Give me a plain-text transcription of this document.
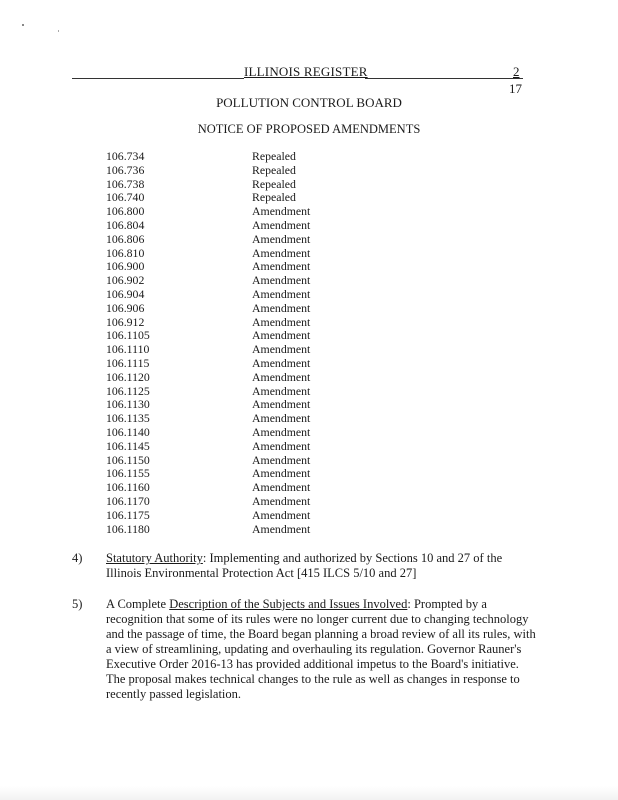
ILLINOIS REGISTER	2
17
POLLUTION CONTROL BOARD
NOTICE OF PROPOSED AMENDMENTS
106.734	Repealed
106.736	Repealed
106.738	Repealed
106.740	Repealed
106.800	Amendment
106.804	Amendment
106.806	Amendment
106.810	Amendment
106.900	Amendment
106.902	Amendment
106.904	Amendment
106.906	Amendment
106.912	Amendment
106.1105	Amendment
106.1110	Amendment
106.1115	Amendment
106.1120	Amendment
106.1125	Amendment
106.1130	Amendment
106.1135	Amendment
106.1140	Amendment
106.1145	Amendment
106.1150	Amendment
106.1155	Amendment
106.1160	Amendment
106.1170	Amendment
106.1175	Amendment
106.1180	Amendment
4) Statutory Authority: Implementing and authorized by Sections 10 and 27 of the Illinois Environmental Protection Act [415 ILCS 5/10 and 27]
5) A Complete Description of the Subjects and Issues Involved: Prompted by a recognition that some of its rules were no longer current due to changing technology and the passage of time, the Board began planning a broad review of all its rules, with a view of streamlining, updating and overhauling its regulation. Governor Rauner's Executive Order 2016-13 has provided additional impetus to the Board's initiative. The proposal makes technical changes to the rule as well as changes in response to recently passed legislation.
